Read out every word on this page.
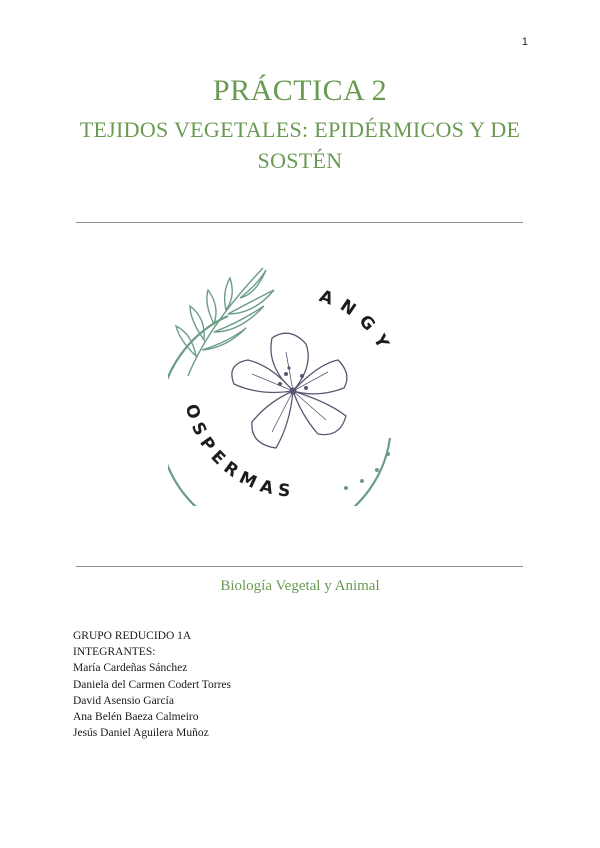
1
PRÁCTICA 2
TEJIDOS VEGETALES: EPIDÉRMICOS Y DE SOSTÉN
ANGY
OSPERMAS
Biología Vegetal y Animal
GRUPO REDUCIDO 1A
INTEGRANTES:
María Cardeñas Sánchez
Daniela del Carmen Codert Torres
David Asensio García
Ana Belén Baeza Calmeiro
Jesús Daniel Aguilera Muñoz
